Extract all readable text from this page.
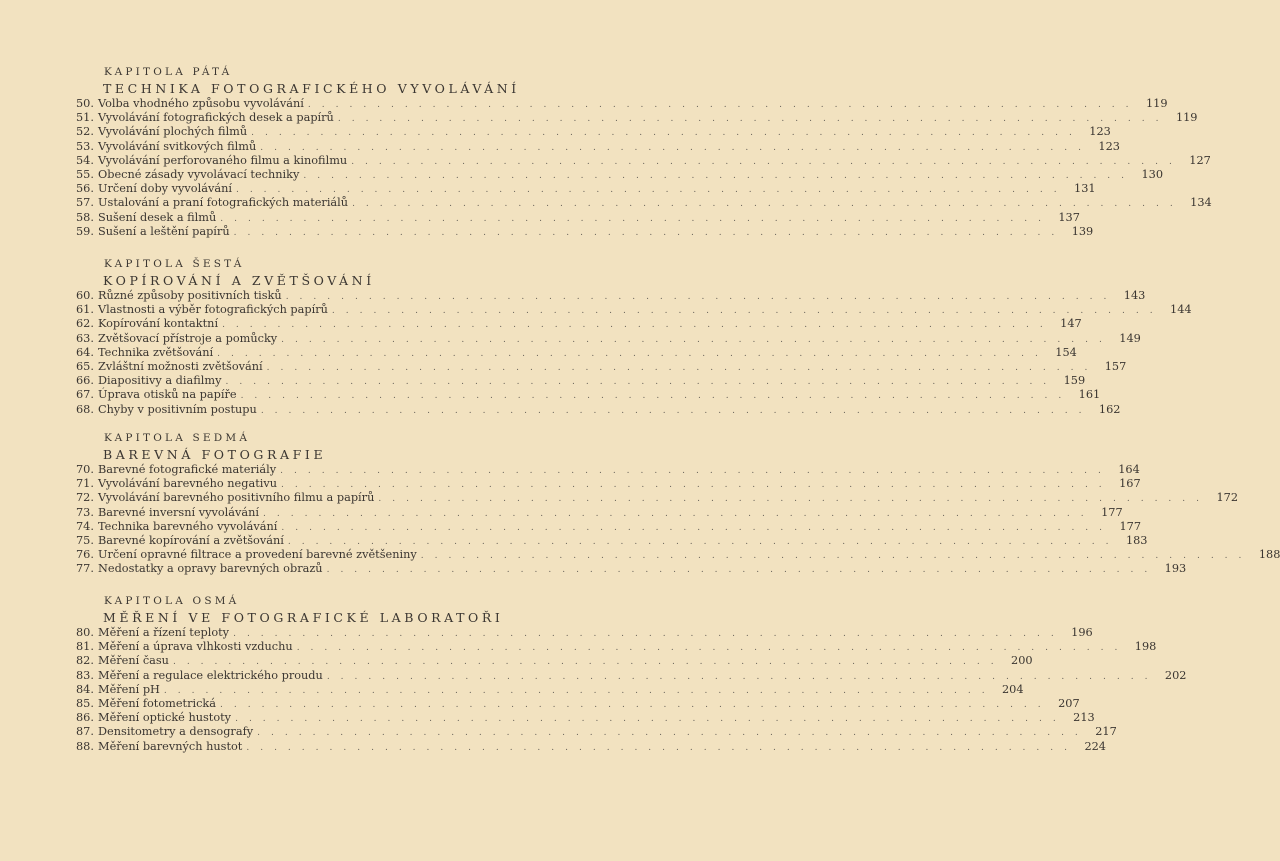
KAPITOLA PÁTÁ
TECHNIKA FOTOGRAFICKÉHO VYVOLÁVÁNÍ
50. Volba vhodného způsobu vyvolávání ............................................................ 119
51. Vyvolávání fotografických desek a papírů ............................................................ 119
52. Vyvolávání plochých filmů ............................................................ 123
53. Vyvolávání svitkových filmů ............................................................ 123
54. Vyvolávání perforovaného filmu a kinofilmu ............................................................ 127
55. Obecné zásady vyvolávací techniky ............................................................ 130
56. Určení doby vyvolávání ............................................................ 131
57. Ustalování a praní fotografických materiálů ............................................................ 134
58. Sušení desek a filmů ............................................................ 137
59. Sušení a leštění papírů ............................................................ 139
KAPITOLA ŠESTÁ
KOPÍROVÁNÍ A ZVĚTŠOVÁNÍ
60. Různé způsoby positivních tisků ............................................................ 143
61. Vlastnosti a výběr fotografických papírů ............................................................ 144
62. Kopírování kontaktní ............................................................ 147
63. Zvětšovací přístroje a pomůcky ............................................................ 149
64. Technika zvětšování ............................................................ 154
65. Zvláštní možnosti zvětšování ............................................................ 157
66. Diapositivy a diafilmy ............................................................ 159
67. Úprava otisků na papíře ............................................................ 161
68. Chyby v positivním postupu ............................................................ 162
KAPITOLA SEDMÁ
BAREVNÁ FOTOGRAFIE
70. Barevné fotografické materiály ............................................................ 164
71. Vyvolávání barevného negativu ............................................................ 167
72. Vyvolávání barevného positivního filmu a papírů ............................................................ 172
73. Barevné inversní vyvolávání ............................................................ 177
74. Technika barevného vyvolávání ............................................................ 177
75. Barevné kopírování a zvětšování ............................................................ 183
76. Určení opravné filtrace a provedení barevné zvětšeniny ............................................................ 188
77. Nedostatky a opravy barevných obrazů ............................................................ 193
KAPITOLA OSMÁ
MĚŘENÍ VE FOTOGRAFICKÉ LABORATOŘI
80. Měření a řízení teploty ............................................................ 196
81. Měření a úprava vlhkosti vzduchu ............................................................ 198
82. Měření času ............................................................ 200
83. Měření a regulace elektrického proudu ............................................................ 202
84. Měření pH ............................................................ 204
85. Měření fotometrická ............................................................ 207
86. Měření optické hustoty ............................................................ 213
87. Densitometry a densografy ............................................................ 217
88. Měření barevných hustot ............................................................ 224
